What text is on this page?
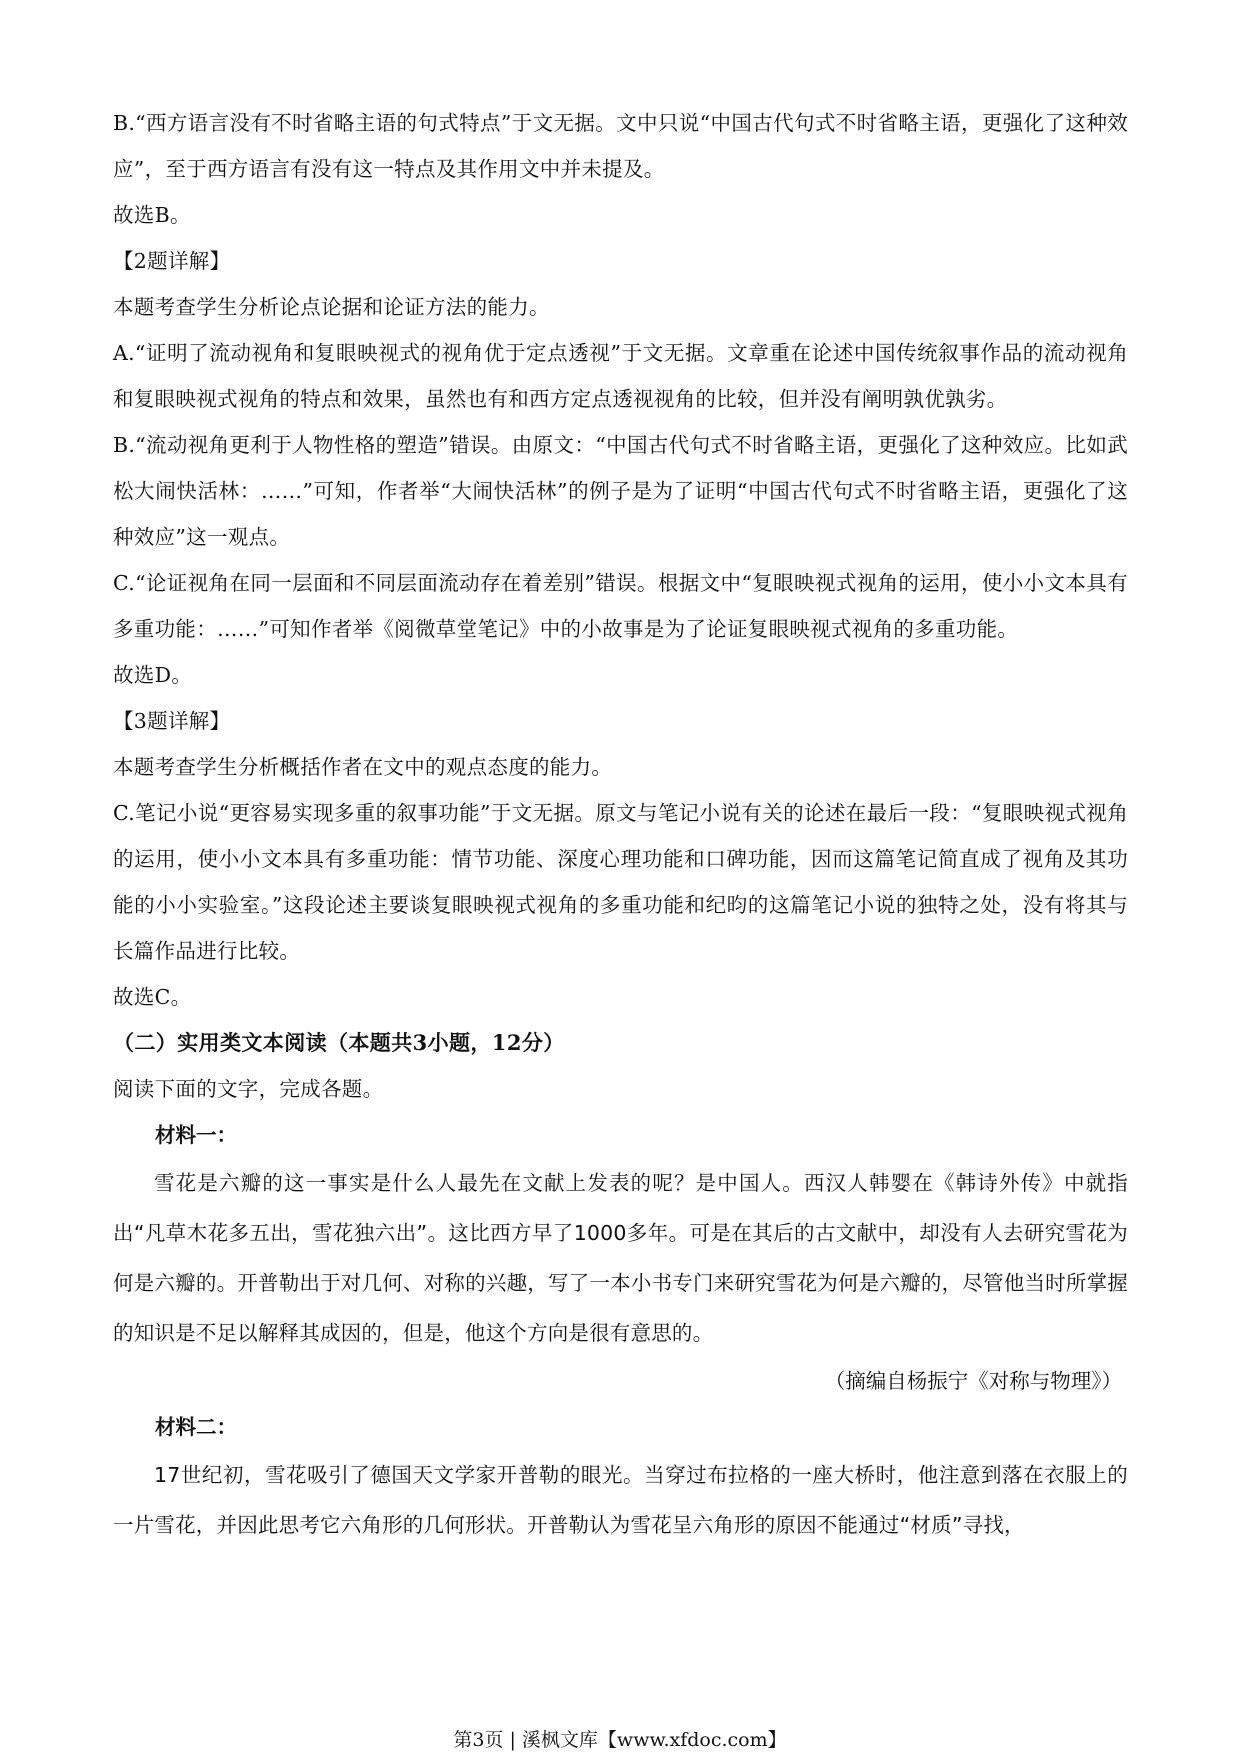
B.“西方语言没有不时省略主语的句式特点”于文无据。文中只说“中国古代句式不时省略主语，更强化了这种效应”，至于西方语言有没有这一特点及其作用文中并未提及。

故选B。

【2题详解】

本题考查学生分析论点论据和论证方法的能力。

A.“证明了流动视角和复眼映视式的视角优于定点透视”于文无据。文章重在论述中国传统叙事作品的流动视角和复眼映视式视角的特点和效果，虽然也有和西方定点透视视角的比较，但并没有阐明孰优孰劣。

B.“流动视角更利于人物性格的塑造”错误。由原文：“中国古代句式不时省略主语，更强化了这种效应。比如武松大闹快活林：……”可知，作者举“大闹快活林”的例子是为了证明“中国古代句式不时省略主语，更强化了这种效应”这一观点。

C.“论证视角在同一层面和不同层面流动存在着差别”错误。根据文中“复眼映视式视角的运用，使小小文本具有多重功能：……”可知作者举《阅微草堂笔记》中的小故事是为了论证复眼映视式视角的多重功能。

故选D。

【3题详解】

本题考查学生分析概括作者在文中的观点态度的能力。

C.笔记小说“更容易实现多重的叙事功能”于文无据。原文与笔记小说有关的论述在最后一段：“复眼映视式视角的运用，使小小文本具有多重功能：情节功能、深度心理功能和口碑功能，因而这篇笔记简直成了视角及其功能的小小实验室。”这段论述主要谈复眼映视式视角的多重功能和纪昀的这篇笔记小说的独特之处，没有将其与长篇作品进行比较。

故选C。

（二）实用类文本阅读（本题共3小题，12分）

阅读下面的文字，完成各题。

材料一：

雪花是六瓣的这一事实是什么人最先在文献上发表的呢？是中国人。西汉人韩婴在《韩诗外传》中就指出“凡草木花多五出，雪花独六出”。这比西方早了1000多年。可是在其后的古文献中，却没有人去研究雪花为何是六瓣的。开普勒出于对几何、对称的兴趣，写了一本小书专门来研究雪花为何是六瓣的，尽管他当时所掌握的知识是不足以解释其成因的，但是，他这个方向是很有意思的。

（摘编自杨振宁《对称与物理》）

材料二：

17世纪初，雪花吸引了德国天文学家开普勒的眼光。当穿过布拉格的一座大桥时，他注意到落在衣服上的一片雪花，并因此思考它六角形的几何形状。开普勒认为雪花呈六角形的原因不能通过“材质”寻找，

第3页 | 溪枫文库【www.xfdoc.com】
